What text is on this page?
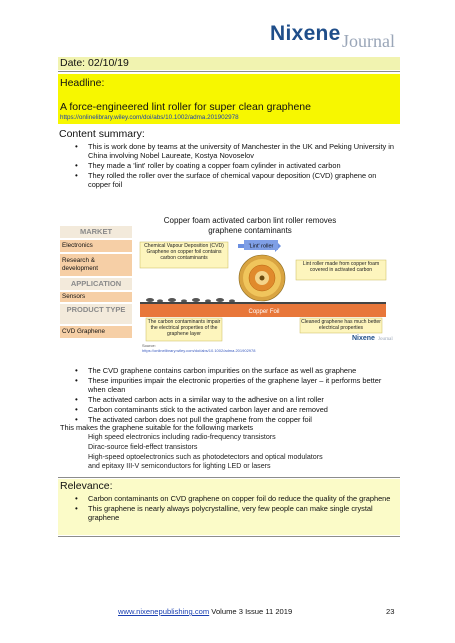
Nixene Journal
Date: 02/10/19
Headline:
A force-engineered lint roller for super clean graphene
https://onlinelibrary.wiley.com/doi/abs/10.1002/adma.201902978
Content summary:
• This is work done by teams at the university of Manchester in the UK and Peking University in China involving Nobel Laureate, Kostya Novoselov
• They made a 'lint' roller by coating a copper foam cylinder in activated carbon
• They rolled the roller over the surface of chemical vapour deposition (CVD) graphene on copper foil
MARKET
Electronics
Research & development
APPLICATION
Sensors
PRODUCT TYPE
CVD Graphene
Copper foam activated carbon lint roller removes graphene contaminants
Chemical Vapour Deposition (CVD) Graphene on copper foil contains carbon contaminants
'Lint' roller
Lint roller made from copper foam covered in activated carbon
Copper Foil
The carbon contaminants impair the electrical properties of the graphene layer
Cleaned graphene has much better electrical properties
Nixene Journal
Source:
https://onlinelibrary.wiley.com/doi/abs/10.1002/adma.201902978
• The CVD graphene contains carbon impurities on the surface as well as graphene
• These impurities impair the electronic properties of the graphene layer – it performs better when clean
• The activated carbon acts in a similar way to the adhesive on a lint roller
• Carbon contaminants stick to the activated carbon layer and are removed
• The activated carbon does not pull the graphene from the copper foil
This makes the graphene suitable for the following markets
High speed electronics including radio-frequency transistors
Dirac-source field-effect transistors
High-speed optoelectronics such as photodetectors and optical modulators
and epitaxy III-V semiconductors for lighting LED or lasers
Relevance:
• Carbon contaminants on CVD graphene on copper foil do reduce the quality of the graphene
• This graphene is nearly always polycrystalline, very few people can make single crystal graphene
www.nixenepublishing.com Volume 3 Issue 11 2019	23
